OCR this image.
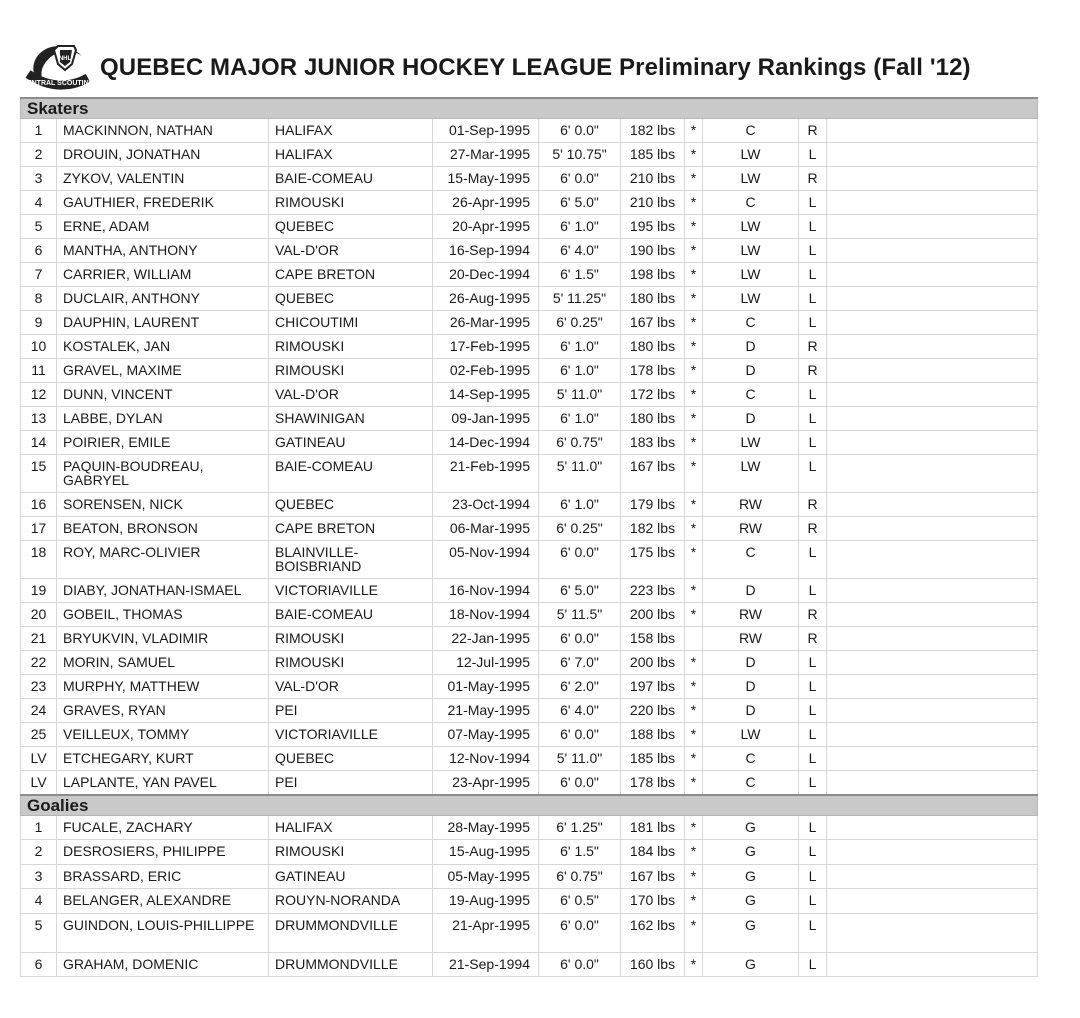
NHL
CENTRAL SCOUTING
QUEBEC MAJOR JUNIOR HOCKEY LEAGUE Preliminary Rankings (Fall '12)
Skaters									
1	MACKINNON, NATHAN	HALIFAX	01-Sep-1995	6' 0.0"	182 lbs	*	C	R	
2	DROUIN, JONATHAN	HALIFAX	27-Mar-1995	5' 10.75"	185 lbs	*	LW	L	
3	ZYKOV, VALENTIN	BAIE-COMEAU	15-May-1995	6' 0.0"	210 lbs	*	LW	R	
4	GAUTHIER, FREDERIK	RIMOUSKI	26-Apr-1995	6' 5.0"	210 lbs	*	C	L	
5	ERNE, ADAM	QUEBEC	20-Apr-1995	6' 1.0"	195 lbs	*	LW	L	
6	MANTHA, ANTHONY	VAL-D'OR	16-Sep-1994	6' 4.0"	190 lbs	*	LW	L	
7	CARRIER, WILLIAM	CAPE BRETON	20-Dec-1994	6' 1.5"	198 lbs	*	LW	L	
8	DUCLAIR, ANTHONY	QUEBEC	26-Aug-1995	5' 11.25"	180 lbs	*	LW	L	
9	DAUPHIN, LAURENT	CHICOUTIMI	26-Mar-1995	6' 0.25"	167 lbs	*	C	L	
10	KOSTALEK, JAN	RIMOUSKI	17-Feb-1995	6' 1.0"	180 lbs	*	D	R	
11	GRAVEL, MAXIME	RIMOUSKI	02-Feb-1995	6' 1.0"	178 lbs	*	D	R	
12	DUNN, VINCENT	VAL-D'OR	14-Sep-1995	5' 11.0"	172 lbs	*	C	L	
13	LABBE, DYLAN	SHAWINIGAN	09-Jan-1995	6' 1.0"	180 lbs	*	D	L	
14	POIRIER, EMILE	GATINEAU	14-Dec-1994	6' 0.75"	183 lbs	*	LW	L	
15	PAQUIN-BOUDREAU, GABRYEL	BAIE-COMEAU	21-Feb-1995	5' 11.0"	167 lbs	*	LW	L	
16	SORENSEN, NICK	QUEBEC	23-Oct-1994	6' 1.0"	179 lbs	*	RW	R	
17	BEATON, BRONSON	CAPE BRETON	06-Mar-1995	6' 0.25"	182 lbs	*	RW	R	
18	ROY, MARC-OLIVIER	BLAINVILLE-BOISBRIAND	05-Nov-1994	6' 0.0"	175 lbs	*	C	L	
19	DIABY, JONATHAN-ISMAEL	VICTORIAVILLE	16-Nov-1994	6' 5.0"	223 lbs	*	D	L	
20	GOBEIL, THOMAS	BAIE-COMEAU	18-Nov-1994	5' 11.5"	200 lbs	*	RW	R	
21	BRYUKVIN, VLADIMIR	RIMOUSKI	22-Jan-1995	6' 0.0"	158 lbs		RW	R	
22	MORIN, SAMUEL	RIMOUSKI	12-Jul-1995	6' 7.0"	200 lbs	*	D	L	
23	MURPHY, MATTHEW	VAL-D'OR	01-May-1995	6' 2.0"	197 lbs	*	D	L	
24	GRAVES, RYAN	PEI	21-May-1995	6' 4.0"	220 lbs	*	D	L	
25	VEILLEUX, TOMMY	VICTORIAVILLE	07-May-1995	6' 0.0"	188 lbs	*	LW	L	
LV	ETCHEGARY, KURT	QUEBEC	12-Nov-1994	5' 11.0"	185 lbs	*	C	L	
LV	LAPLANTE, YAN PAVEL	PEI	23-Apr-1995	6' 0.0"	178 lbs	*	C	L	
Goalies									
1	FUCALE, ZACHARY	HALIFAX	28-May-1995	6' 1.25"	181 lbs	*	G	L	
2	DESROSIERS, PHILIPPE	RIMOUSKI	15-Aug-1995	6' 1.5"	184 lbs	*	G	L	
3	BRASSARD, ERIC	GATINEAU	05-May-1995	6' 0.75"	167 lbs	*	G	L	
4	BELANGER, ALEXANDRE	ROUYN-NORANDA	19-Aug-1995	6' 0.5"	170 lbs	*	G	L	
5	GUINDON, LOUIS-PHILLIPPE	DRUMMONDVILLE	21-Apr-1995	6' 0.0"	162 lbs	*	G	L	
6	GRAHAM, DOMENIC	DRUMMONDVILLE	21-Sep-1994	6' 0.0"	160 lbs	*	G	L	
